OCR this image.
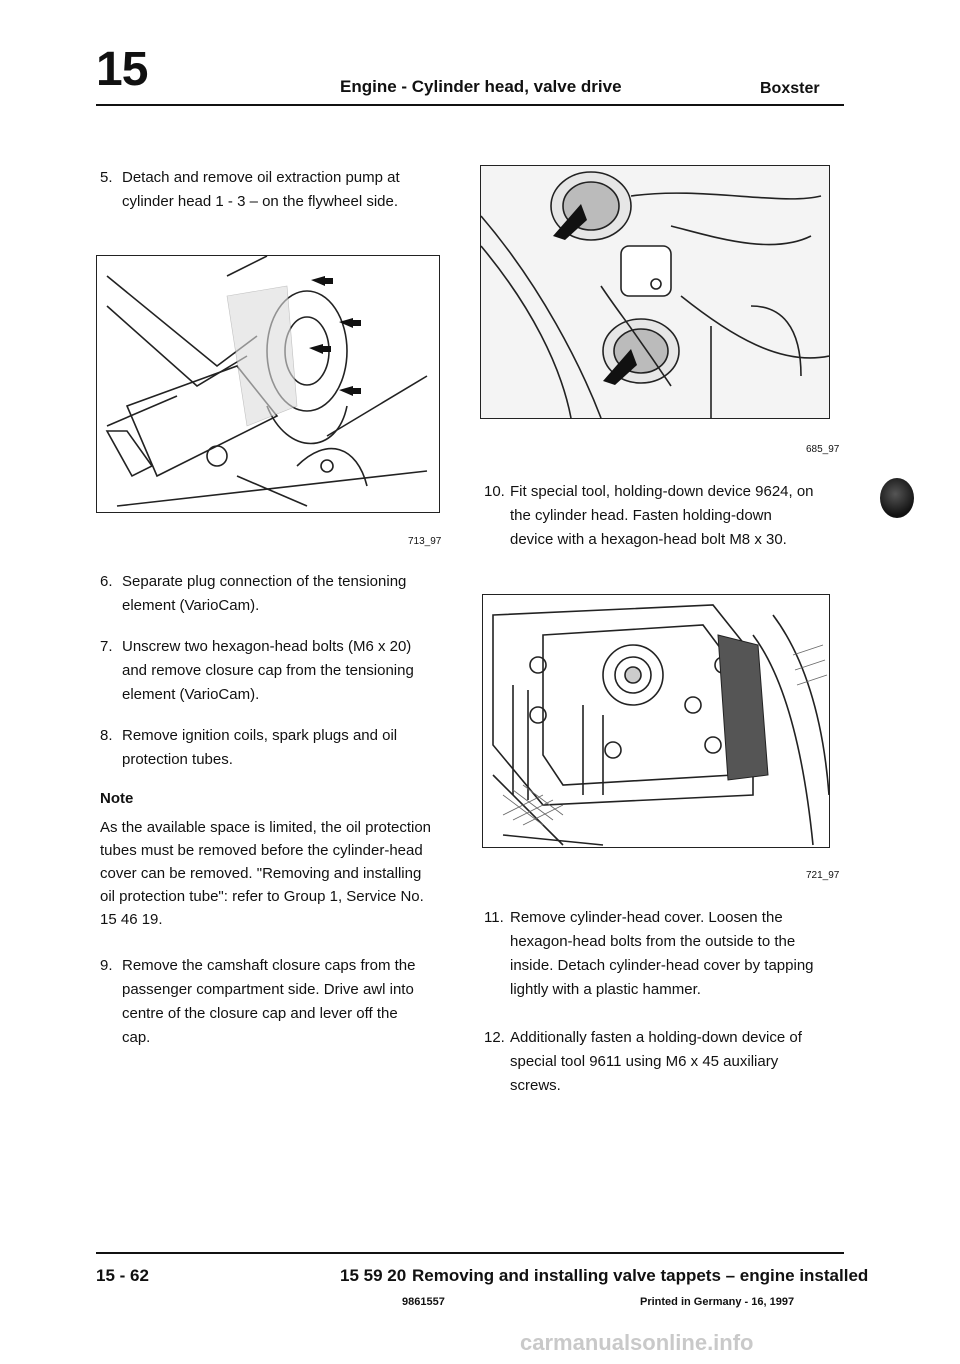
15	Engine - Cylinder head, valve drive	Boxster
5. Detach and remove oil extraction pump at cylinder head 1 - 3 – on the flywheel side.
713_97
6. Separate plug connection of the tensioning element (VarioCam).
7. Unscrew two hexagon-head bolts (M6 x 20) and remove closure cap from the tensioning element (VarioCam).
8. Remove ignition coils, spark plugs and oil protection tubes.
Note
As the available space is limited, the oil protection tubes must be removed before the cylinder-head cover can be removed. "Removing and installing oil protection tube": refer to Group 1, Service No. 15 46 19.
9. Remove the camshaft closure caps from the passenger compartment side. Drive awl into centre of the closure cap and lever off the cap.
685_97
10. Fit special tool, holding-down device 9624, on the cylinder head. Fasten holding-down device with a hexagon-head bolt M8 x 30.
721_97
11. Remove cylinder-head cover. Loosen the hexagon-head bolts from the outside to the inside. Detach cylinder-head cover by tapping lightly with a plastic hammer.
12. Additionally fasten a holding-down device of special tool 9611 using M6 x 45 auxiliary screws.
15 - 62	15 59 20 Removing and installing valve tappets – engine installed
9861557	Printed in Germany - 16, 1997
carmanualsonline.info
